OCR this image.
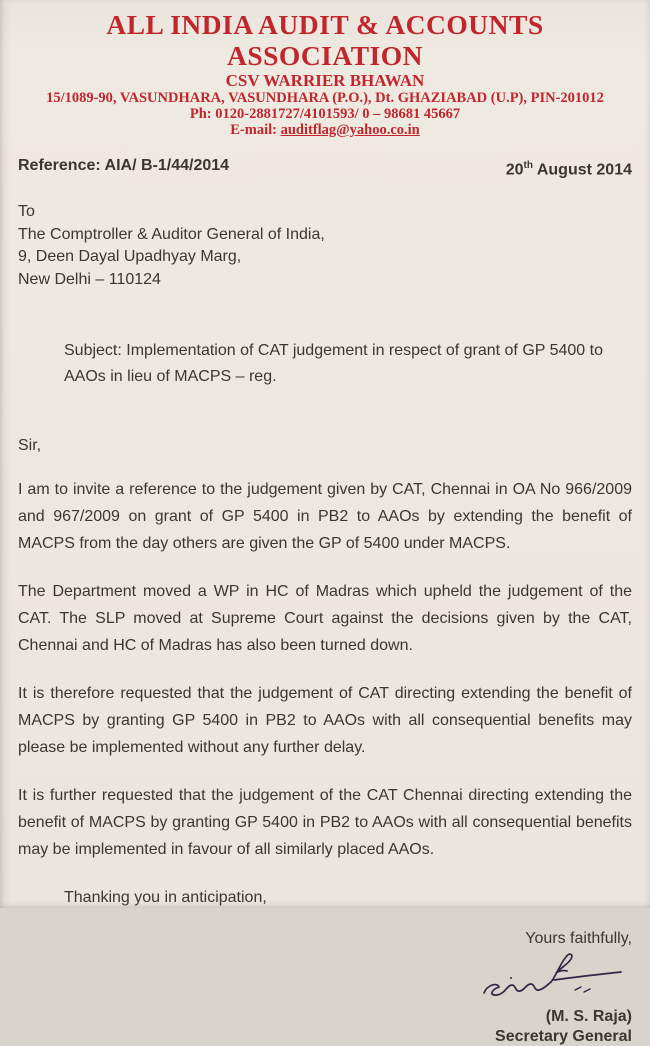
ALL INDIA AUDIT & ACCOUNTS ASSOCIATION
CSV WARRIER BHAWAN
15/1089-90, VASUNDHARA, VASUNDHARA (P.O.), Dt. GHAZIABAD (U.P), PIN-201012
Ph: 0120-2881727/4101593/ 0 – 98681 45667
E-mail: auditflag@yahoo.co.in
Reference: AIA/ B-1/44/2014	20th August 2014
To
The Comptroller & Auditor General of India,
9, Deen Dayal Upadhyay Marg,
New Delhi – 110124
Subject: Implementation of CAT judgement in respect of grant of GP 5400 to AAOs in lieu of MACPS – reg.
Sir,

I am to invite a reference to the judgement given by CAT, Chennai in OA No 966/2009 and 967/2009 on grant of GP 5400 in PB2 to AAOs by extending the benefit of MACPS from the day others are given the GP of 5400 under MACPS.

The Department moved a WP in HC of Madras which upheld the judgement of the CAT. The SLP moved at Supreme Court against the decisions given by the CAT, Chennai and HC of Madras has also been turned down.

It is therefore requested that the judgement of CAT directing extending the benefit of MACPS by granting GP 5400 in PB2 to AAOs with all consequential benefits may please be implemented without any further delay.

It is further requested that the judgement of the CAT Chennai directing extending the benefit of MACPS by granting GP 5400 in PB2 to AAOs with all consequential benefits may be implemented in favour of all similarly placed AAOs.

Thanking you in anticipation,
Yours faithfully,
(M. S. Raja)
Secretary General
